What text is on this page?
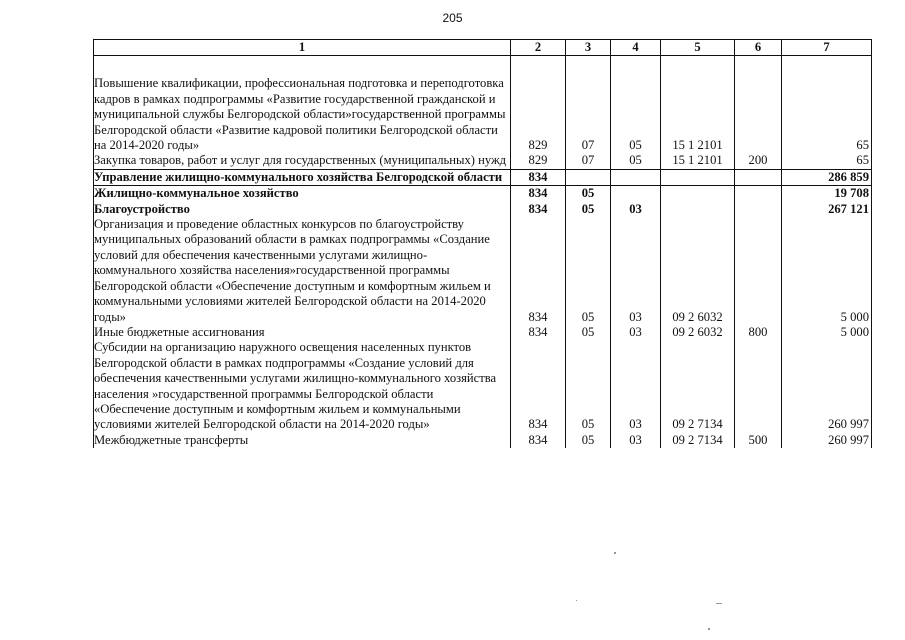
205
1	2	3	4	5	6	7

Повышение квалификации, профессиональная подготовка и переподготовка кадров в рамках подпрограммы «Развитие государственной гражданской и муниципальной службы Белгородской области»государственной программы Белгородской области «Развитие кадровой политики Белгородской области на 2014-2020 годы»	829	07	05	15 1 2101		65
Закупка товаров, работ и услуг для государственных (муниципальных) нужд	829	07	05	15 1 2101	200	65
Управление жилищно-коммунального хозяйства Белгородской области	834					286 859
Жилищно-коммунальное хозяйство	834	05				19 708
Благоустройство	834	05	03			267 121
Организация и проведение областных конкурсов по благоустройству муниципальных образований области в рамках подпрограммы «Создание условий для обеспечения качественными услугами жилищно-коммунального хозяйства населения»государственной программы Белгородской области «Обеспечение доступным и комфортным жильем и коммунальными условиями жителей Белгородской области на 2014-2020 годы»	834	05	03	09 2 6032		5 000
Иные бюджетные ассигнования	834	05	03	09 2 6032	800	5 000
Субсидии на организацию наружного освещения населенных пунктов Белгородской области в рамках подпрограммы «Создание условий для обеспечения качественными услугами жилищно-коммунального хозяйства населения »государственной программы Белгородской области «Обеспечение доступным и комфортным жильем и коммунальными условиями жителей Белгородской области на 2014-2020 годы»	834	05	03	09 2 7134		260 997
Межбюджетные трансферты	834	05	03	09 2 7134	500	260 997
